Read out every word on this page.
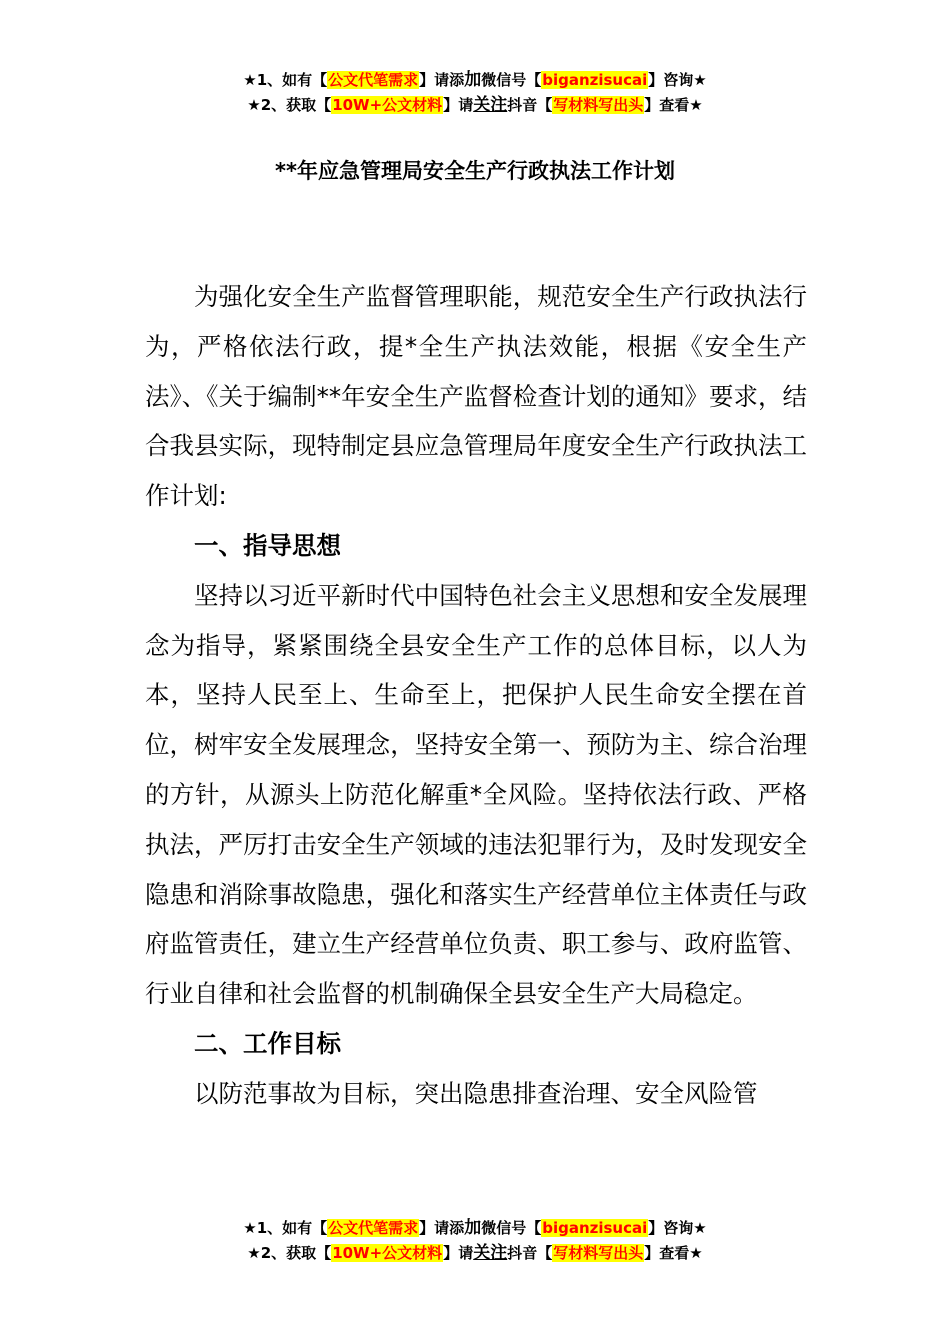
★1、如有【公文代笔需求】请添加微信号【biganzisucai】咨询★
★2、获取【10W+公文材料】请关注抖音【写材料写出头】查看★
**年应急管理局安全生产行政执法工作计划

为强化安全生产监督管理职能，规范安全生产行政执法行为，严格依法行政，提*全生产执法效能，根据《安全生产法》、《关于编制**年安全生产监督检查计划的通知》要求，结合我县实际，现特制定县应急管理局年度安全生产行政执法工作计划:

一、指导思想

坚持以习近平新时代中国特色社会主义思想和安全发展理念为指导，紧紧围绕全县安全生产工作的总体目标，以人为本，坚持人民至上、生命至上，把保护人民生命安全摆在首位，树牢安全发展理念，坚持安全第一、预防为主、综合治理的方针，从源头上防范化解重*全风险。坚持依法行政、严格执法，严厉打击安全生产领域的违法犯罪行为，及时发现安全隐患和消除事故隐患，强化和落实生产经营单位主体责任与政府监管责任，建立生产经营单位负责、职工参与、政府监管、行业自律和社会监督的机制确保全县安全生产大局稳定。

二、工作目标

以防范事故为目标，突出隐患排查治理、安全风险管

★1、如有【公文代笔需求】请添加微信号【biganzisucai】咨询★
★2、获取【10W+公文材料】请关注抖音【写材料写出头】查看★
